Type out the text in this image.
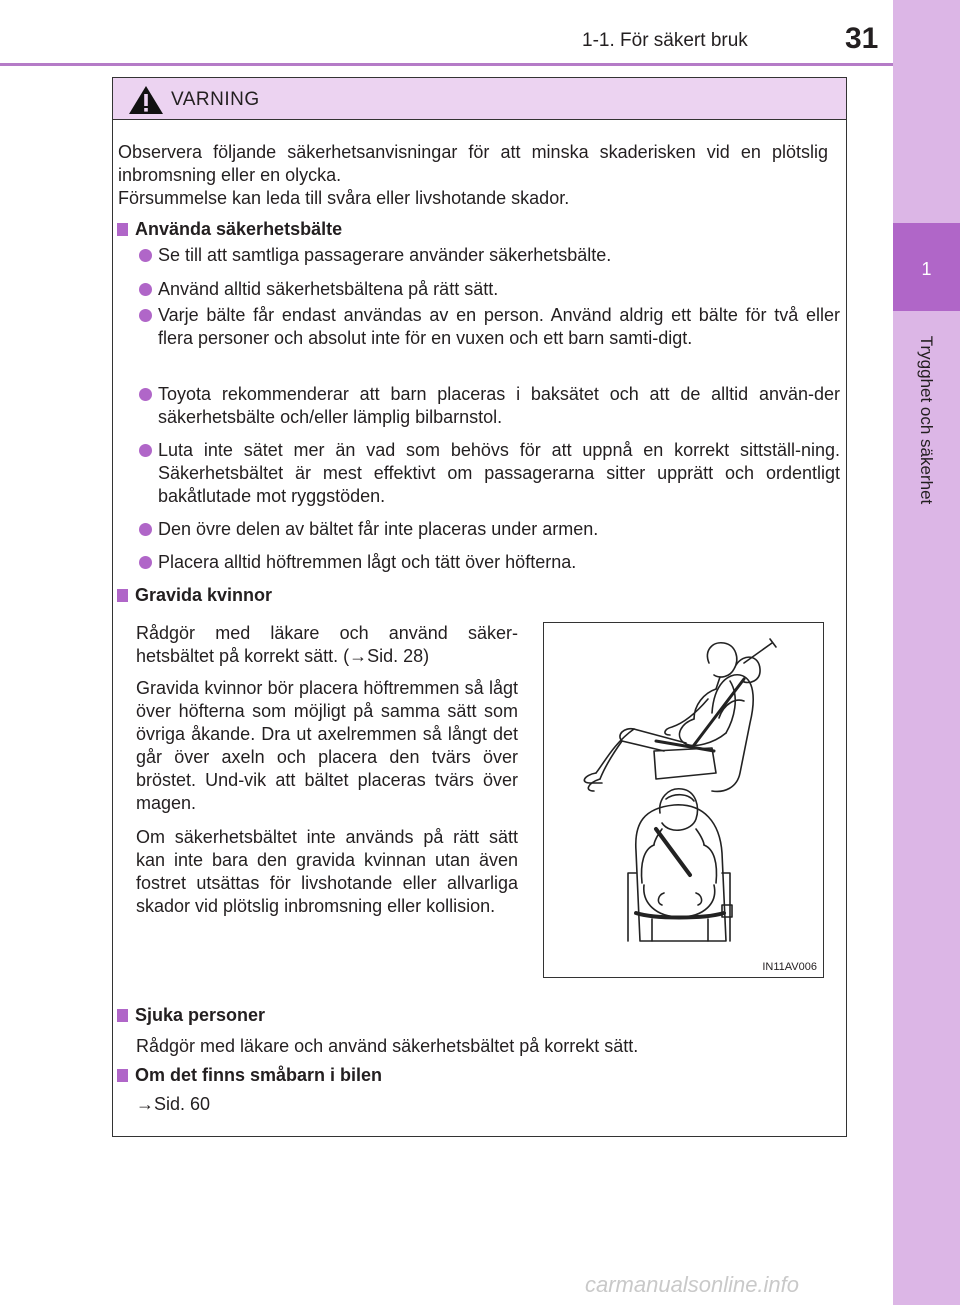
1-1. För säkert bruk	31
1
Trygghet och säkerhet
VARNING
Observera följande säkerhetsanvisningar för att minska skaderisken vid en plötslig inbromsning eller en olycka.
Försummelse kan leda till svåra eller livshotande skador.
Använda säkerhetsbälte
Se till att samtliga passagerare använder säkerhetsbälte.
Använd alltid säkerhetsbältena på rätt sätt.
Varje bälte får endast användas av en person. Använd aldrig ett bälte för två eller flera personer och absolut inte för en vuxen och ett barn samti-digt.
Toyota rekommenderar att barn placeras i baksätet och att de alltid använ-der säkerhetsbälte och/eller lämplig bilbarnstol.
Luta inte sätet mer än vad som behövs för att uppnå en korrekt sittställ-ning. Säkerhetsbältet är mest effektivt om passagerarna sitter upprätt och ordentligt bakåtlutade mot ryggstöden.
Den övre delen av bältet får inte placeras under armen.
Placera alltid höftremmen lågt och tätt över höfterna.
Gravida kvinnor
Rådgör med läkare och använd säker-hetsbältet på korrekt sätt. (→Sid. 28)
Gravida kvinnor bör placera höftremmen så lågt över höfterna som möjligt på samma sätt som övriga åkande. Dra ut axelremmen så långt det går över axeln och placera den tvärs över bröstet. Und-vik att bältet placeras tvärs över magen.
Om säkerhetsbältet inte används på rätt sätt kan inte bara den gravida kvinnan utan även fostret utsättas för livshotande eller allvarliga skador vid plötslig inbromsning eller kollision.
IN11AV006
Sjuka personer
Rådgör med läkare och använd säkerhetsbältet på korrekt sätt.
Om det finns småbarn i bilen
→Sid. 60
carmanualsonline.info
